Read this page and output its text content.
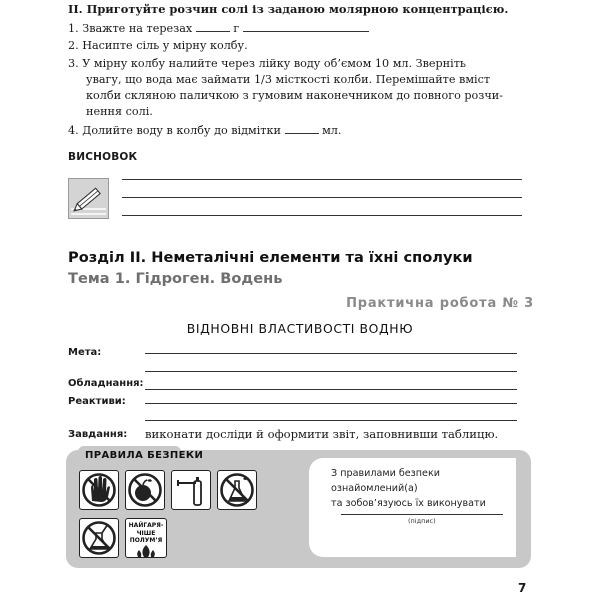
ІІ. Приготуйте розчин солі із заданою молярною концентрацією.
1. Зважте на терезах	г
2. Насипте сіль у мірну колбу.
3. У мірну колбу налийте через лійку воду об’ємом 10 мл. Зверніть
увагу, що вода має займати 1/3 місткості колби. Перемішайте вміст
колби скляною паличкою з гумовим наконечником до повного розчи-
нення солі.
4. Долийте воду в колбу до відмітки	мл.
ВИСНОВОК
Розділ ІІ. Неметалічні елементи та їхні сполуки
Тема 1. Гідроген. Водень
Практична робота № 3
ВІДНОВНІ ВЛАСТИВОСТІ ВОДНЮ
Мета:
Обладнання:
Реактиви:
Завдання: виконати досліди й оформити звіт, заповнивши таблицю.
ПРАВИЛА БЕЗПЕКИ
НАЙГАРЯ-
ЧІШЕ
ПОЛУМ’Я
З правилами безпеки ознайомлений(а)
та зобов’язуюсь їх виконувати
(підпис)
7
